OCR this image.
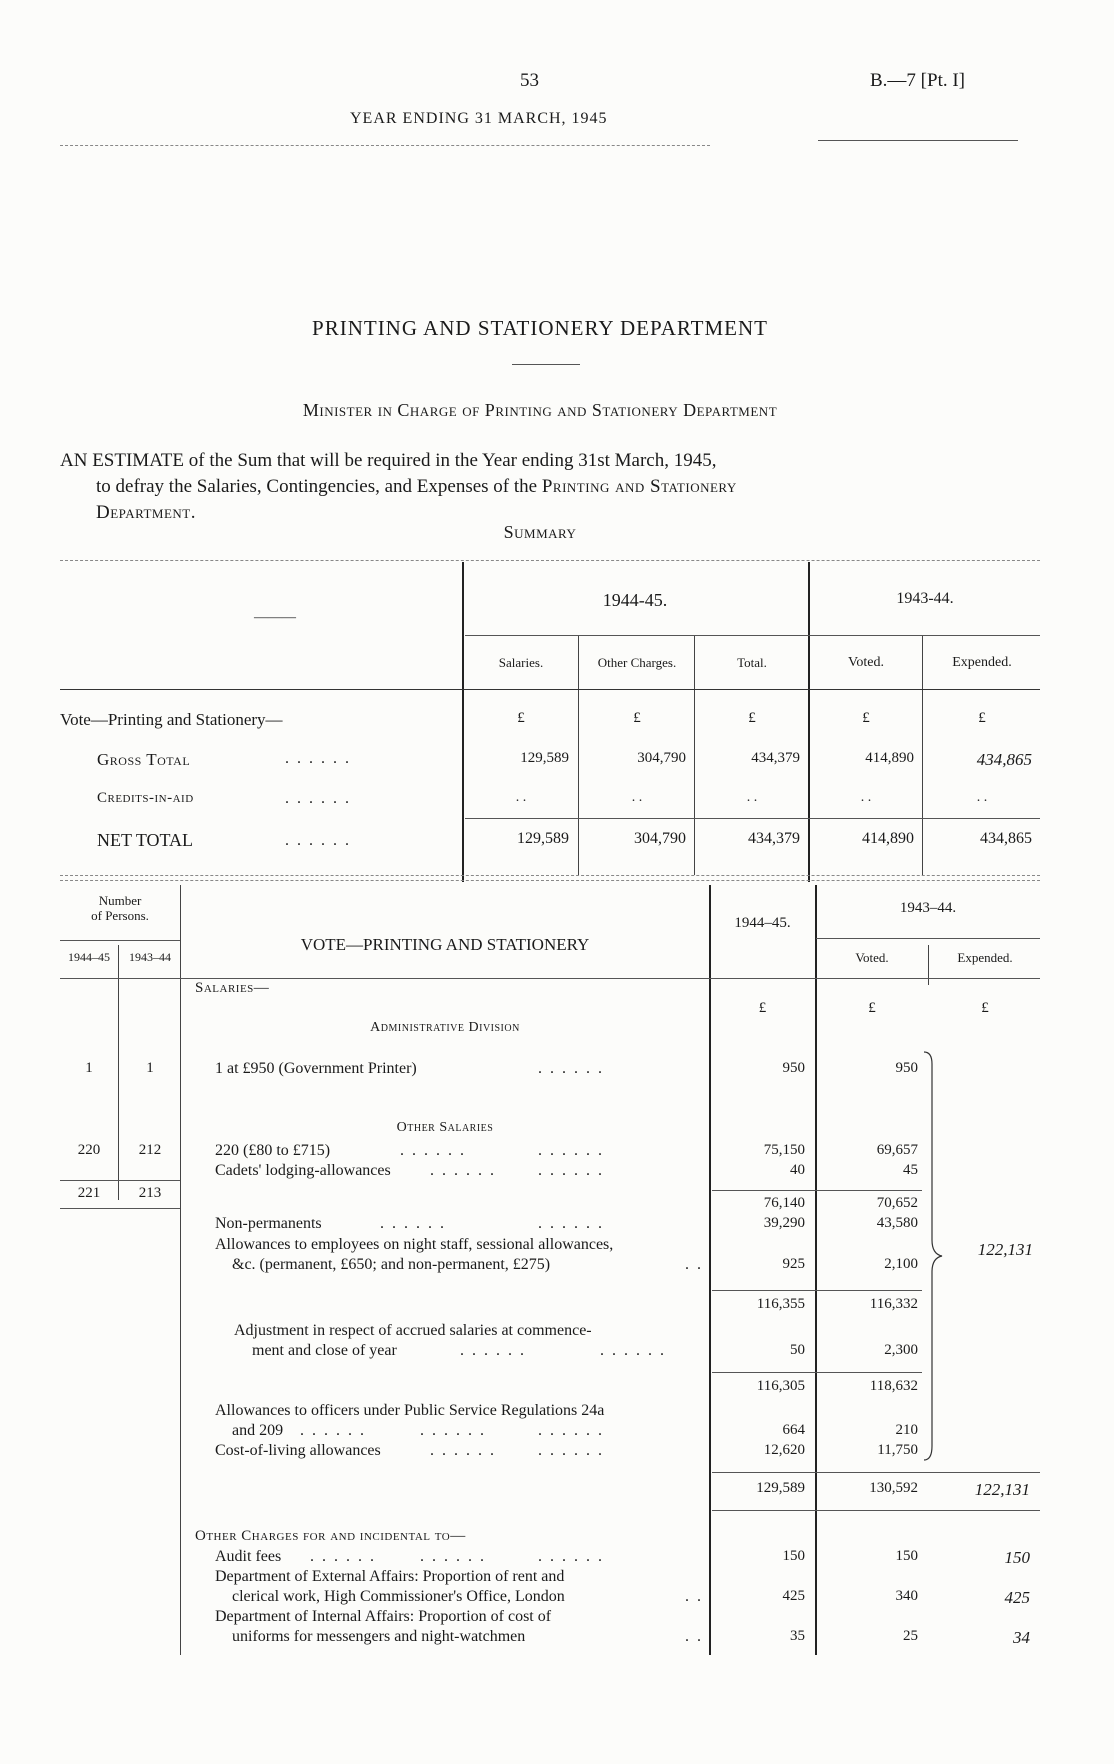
53	B.—7 [Pt. I]
YEAR ENDING 31 MARCH, 1945
PRINTING AND STATIONERY DEPARTMENT
Minister in Charge of Printing and Stationery Department
AN ESTIMATE of the Sum that will be required in the Year ending 31st March, 1945,
to defray the Salaries, Contingencies, and Expenses of the Printing and Stationery
Department.
Summary
———
1944-45.	1943-44.
Salaries.	Other Charges.	Total.	Voted.	Expended.
Vote—Printing and Stationery—	£	£	£	£	£
Gross Total	. . . . . .	129,589	304,790	434,379	414,890	434,865
Credits-in-aid	. . . . . .	. .	. .	. .	. .	. .
NET TOTAL	. . . . . .	129,589	304,790	434,379	414,890	434,865
Number
of Persons.
1944–45	1943–44
VOTE—PRINTING AND STATIONERY
1944–45.
1943–44.
Voted.	Expended.
Salaries—
£	£	£
Administrative Division
1	1	1 at £950 (Government Printer)	. . . . . .	950	950
Other Salaries
220	212	220 (£80 to £715)	. . . . . .	. . . . . .	75,150	69,657
Cadets' lodging-allowances . . . . . .	. . . . . .	40	45
221	213
76,140	70,652
Non-permanents	. . . . . .	. . . . . .	39,290	43,580
Allowances to employees on night staff, sessional allowances,
&c. (permanent, £650; and non-permanent, £275)	. .	925	2,100
116,355	116,332
Adjustment in respect of accrued salaries at commence-
ment and close of year	. . . . . .	. . . . . .	50	2,300
116,305	118,632
Allowances to officers under Public Service Regulations 24a
and 209 . . . . . .	. . . . . .	. . . . . .	664	210
Cost-of-living allowances	. . . . . .	. . . . . .	12,620	11,750
122,131
129,589	130,592	122,131
Other Charges for and incidental to—
Audit fees . . . . . .	. . . . . .	. . . . . .	150	150	150
Department of External Affairs: Proportion of rent and
clerical work, High Commissioner's Office, London	. .	425	340	425
Department of Internal Affairs: Proportion of cost of
uniforms for messengers and night-watchmen	. .	35	25	34
